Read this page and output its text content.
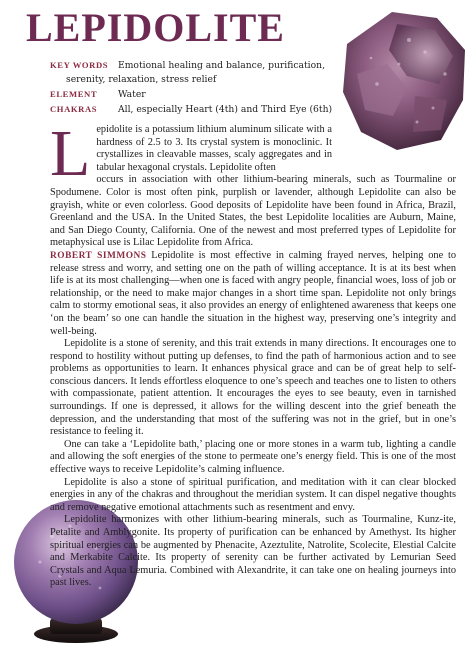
LEPIDOLITE

KEY WORDS Emotional healing and balance, purification,

serenity, relaxation, stress relief

ELEMENT Water

CHAKRAS All, especially Heart (4th) and Third Eye (6th)

Lepidolite is a potassium lithium aluminum silicate with a hardness of 2.5 to 3. Its crystal system is monoclinic. It crystallizes in cleavable masses, scaly aggregates and in tabular hexagonal crystals. Lepidolite often

occurs in association with other lithium-bearing minerals, such as Tourmaline or Spodumene. Color is most often pink, purplish or lavender, although Lepidolite can also be grayish, white or even colorless. Good deposits of Lepidolite have been found in Africa, Brazil, Greenland and the USA. In the United States, the best Lepidolite localities are Auburn, Maine, and San Diego County, California. One of the newest and most preferred types of Lepidolite for metaphysical use is Lilac Lepidolite from Africa.

ROBERT SIMMONS Lepidolite is most effective in calming frayed nerves, helping one to release stress and worry, and setting one on the path of willing acceptance. It is at its best when life is at its most challenging—when one is faced with angry people, financial woes, loss of job or relationship, or the need to make major changes in a short time span. Lepidolite not only brings calm to stormy emotional seas, it also provides an energy of enlightened awareness that keeps one ‘on the beam’ so one can handle the situation in the highest way, preserving one’s integrity and well-being.

Lepidolite is a stone of serenity, and this trait extends in many directions. It encourages one to respond to hostility without putting up defenses, to find the path of harmonious action and to see problems as opportunities to learn. It enhances physical grace and can be of great help to self-conscious dancers. It lends effortless eloquence to one’s speech and teaches one to listen to others with compassionate, patient attention. It encourages the eyes to see beauty, even in tarnished surroundings. If one is depressed, it allows for the willing descent into the grief beneath the depression, and the understanding that most of the suffering was not in the grief, but in one’s resistance to feeling it.

One can take a ‘Lepidolite bath,’ placing one or more stones in a warm tub, lighting a candle and allowing the soft energies of the stone to permeate one’s energy field. This is one of the most effective ways to receive Lepidolite’s calming influence.

Lepidolite is also a stone of spiritual purification, and meditation with it can clear blocked energies in any of the chakras and throughout the meridian system. It can dispel negative thoughts and remove negative emotional attachments such as resentment and envy.

Lepidolite harmonizes with other lithium-bearing minerals, such as Tourmaline, Kunz-ite, Petalite and Amblygonite. Its property of purification can be enhanced by Amethyst. Its higher spiritual energies can be augmented by Phenacite, Azeztulite, Natrolite, Scolecite, Elestial Calcite and Merkabite Calcite. Its property of serenity can be further activated by Lemurian Seed Crystals and Aqua Lemuria. Combined with Alexandrite, it can take one on healing journeys into past lives.
